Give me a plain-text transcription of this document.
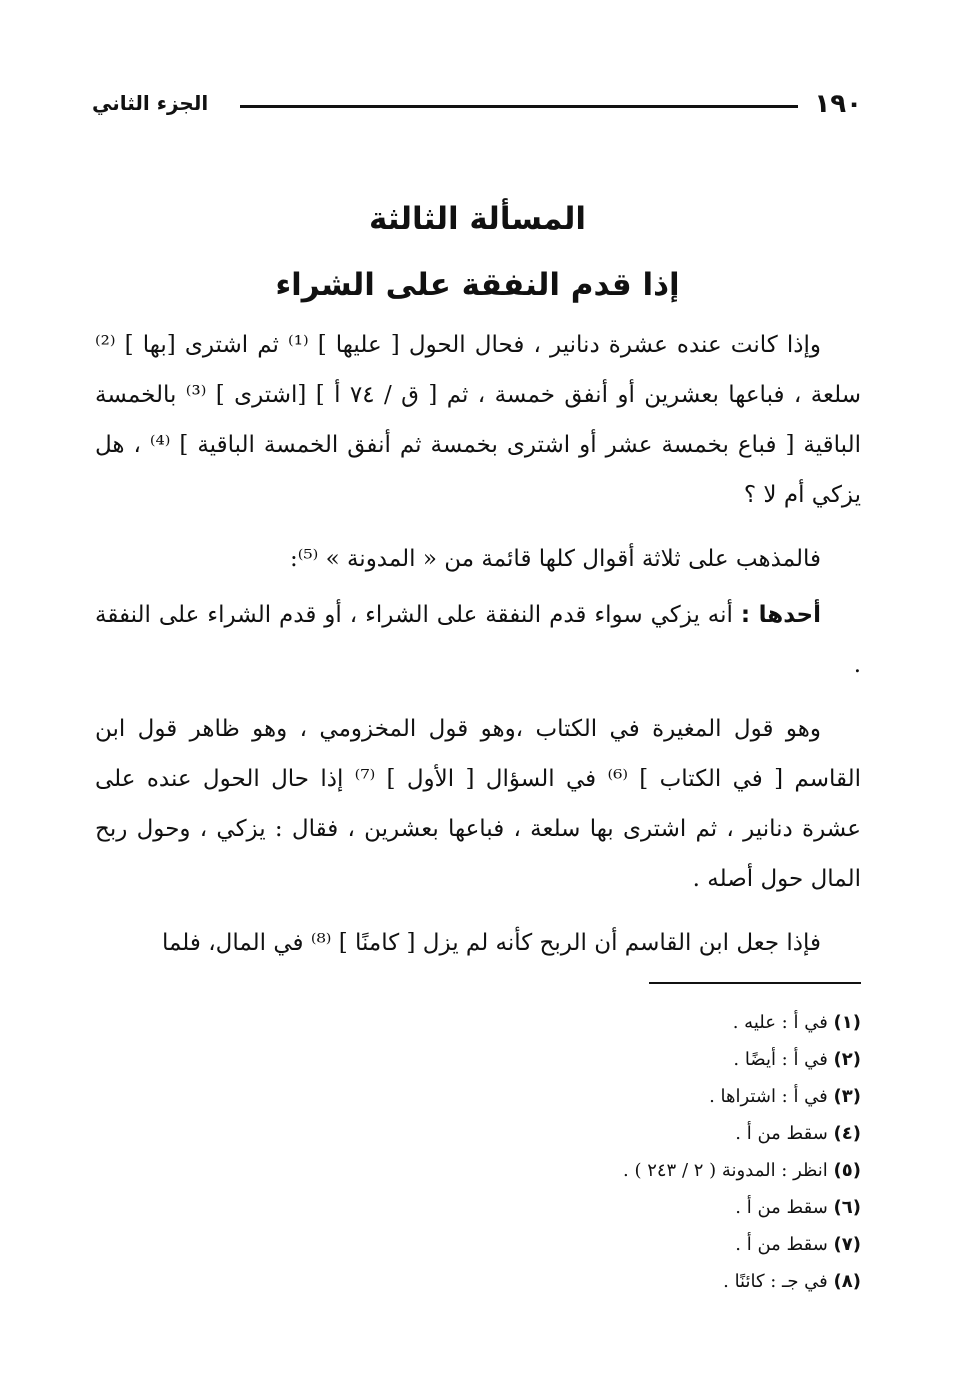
١٩٠
الجزء الثاني
المسألة الثالثة
إذا قدم النفقة على الشراء

وإذا كانت عنده عشرة دنانير ، فحال الحول [ عليها ] ⁽¹⁾ ثم اشترى [بها ] ⁽²⁾ سلعة ، فباعها بعشرين أو أنفق خمسة ، ثم [ ق / ٧٤ أ ] [اشترى ] ⁽³⁾ بالخمسة الباقية [ فباع بخمسة عشر أو اشترى بخمسة ثم أنفق الخمسة الباقية ] ⁽⁴⁾ ، هل يزكي أم لا ؟

فالمذهب على ثلاثة أقوال كلها قائمة من « المدونة » ⁽⁵⁾:

أحدها : أنه يزكي سواء قدم النفقة على الشراء ، أو قدم الشراء على النفقة .

وهو قول المغيرة في الكتاب ،وهو قول المخزومي ، وهو ظاهر قول ابن القاسم [ في الكتاب ] ⁽⁶⁾ في السؤال [ الأول ] ⁽⁷⁾ إذا حال الحول عنده على عشرة دنانير ، ثم اشترى بها سلعة ، فباعها بعشرين ، فقال : يزكي ، وحول ربح المال حول أصله .

فإذا جعل ابن القاسم أن الربح كأنه لم يزل [ كامنًا ] ⁽⁸⁾ في المال، فلما

(١) في أ : عليه .
(٢) في أ : أيضًا .
(٣) في أ : اشتراها .
(٤) سقط من أ .
(٥) انظر : المدونة ( ٢ / ٢٤٣ ) .
(٦) سقط من أ .
(٧) سقط من أ .
(٨) في جـ : كائنًا .
